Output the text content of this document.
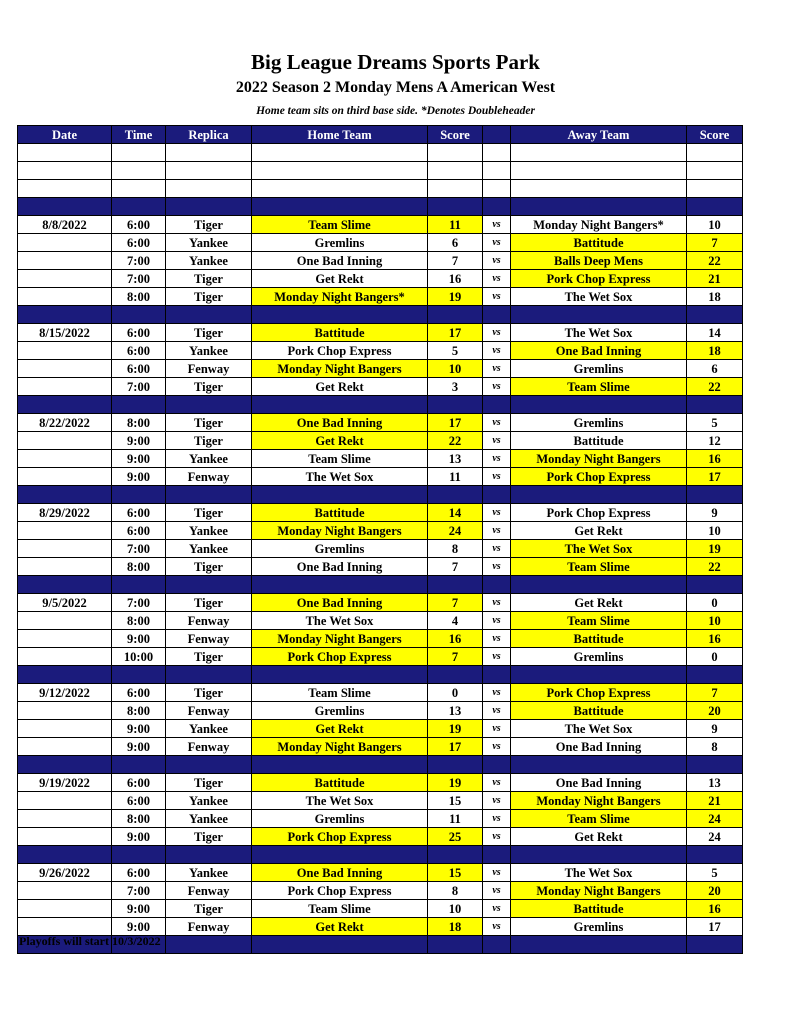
Big League Dreams Sports Park
2022 Season 2 Monday Mens A American West
Home team sits on third base side. *Denotes Doubleheader
Date	Time	Replica	Home Team	Score		Away Team	Score

8/8/2022	6:00	Tiger	Team Slime	11	vs	Monday Night Bangers*	10
	6:00	Yankee	Gremlins	6	vs	Battitude	7
	7:00	Yankee	One Bad Inning	7	vs	Balls Deep Mens	22
	7:00	Tiger	Get Rekt	16	vs	Pork Chop Express	21
	8:00	Tiger	Monday Night Bangers*	19	vs	The Wet Sox	18

8/15/2022	6:00	Tiger	Battitude	17	vs	The Wet Sox	14
	6:00	Yankee	Pork Chop Express	5	vs	One Bad Inning	18
	6:00	Fenway	Monday Night Bangers	10	vs	Gremlins	6
	7:00	Tiger	Get Rekt	3	vs	Team Slime	22

8/22/2022	8:00	Tiger	One Bad Inning	17	vs	Gremlins	5
	9:00	Tiger	Get Rekt	22	vs	Battitude	12
	9:00	Yankee	Team Slime	13	vs	Monday Night Bangers	16
	9:00	Fenway	The Wet Sox	11	vs	Pork Chop Express	17

8/29/2022	6:00	Tiger	Battitude	14	vs	Pork Chop Express	9
	6:00	Yankee	Monday Night Bangers	24	vs	Get Rekt	10
	7:00	Yankee	Gremlins	8	vs	The Wet Sox	19
	8:00	Tiger	One Bad Inning	7	vs	Team Slime	22

9/5/2022	7:00	Tiger	One Bad Inning	7	vs	Get Rekt	0
	8:00	Fenway	The Wet Sox	4	vs	Team Slime	10
	9:00	Fenway	Monday Night Bangers	16	vs	Battitude	16
	10:00	Tiger	Pork Chop Express	7	vs	Gremlins	0

9/12/2022	6:00	Tiger	Team Slime	0	vs	Pork Chop Express	7
	8:00	Fenway	Gremlins	13	vs	Battitude	20
	9:00	Yankee	Get Rekt	19	vs	The Wet Sox	9
	9:00	Fenway	Monday Night Bangers	17	vs	One Bad Inning	8

9/19/2022	6:00	Tiger	Battitude	19	vs	One Bad Inning	13
	6:00	Yankee	The Wet Sox	15	vs	Monday Night Bangers	21
	8:00	Yankee	Gremlins	11	vs	Team Slime	24
	9:00	Tiger	Pork Chop Express	25	vs	Get Rekt	24

9/26/2022	6:00	Yankee	One Bad Inning	15	vs	The Wet Sox	5
	7:00	Fenway	Pork Chop Express	8	vs	Monday Night Bangers	20
	9:00	Tiger	Team Slime	10	vs	Battitude	16
	9:00	Fenway	Get Rekt	18	vs	Gremlins	17

Playoffs will start 10/3/2022
